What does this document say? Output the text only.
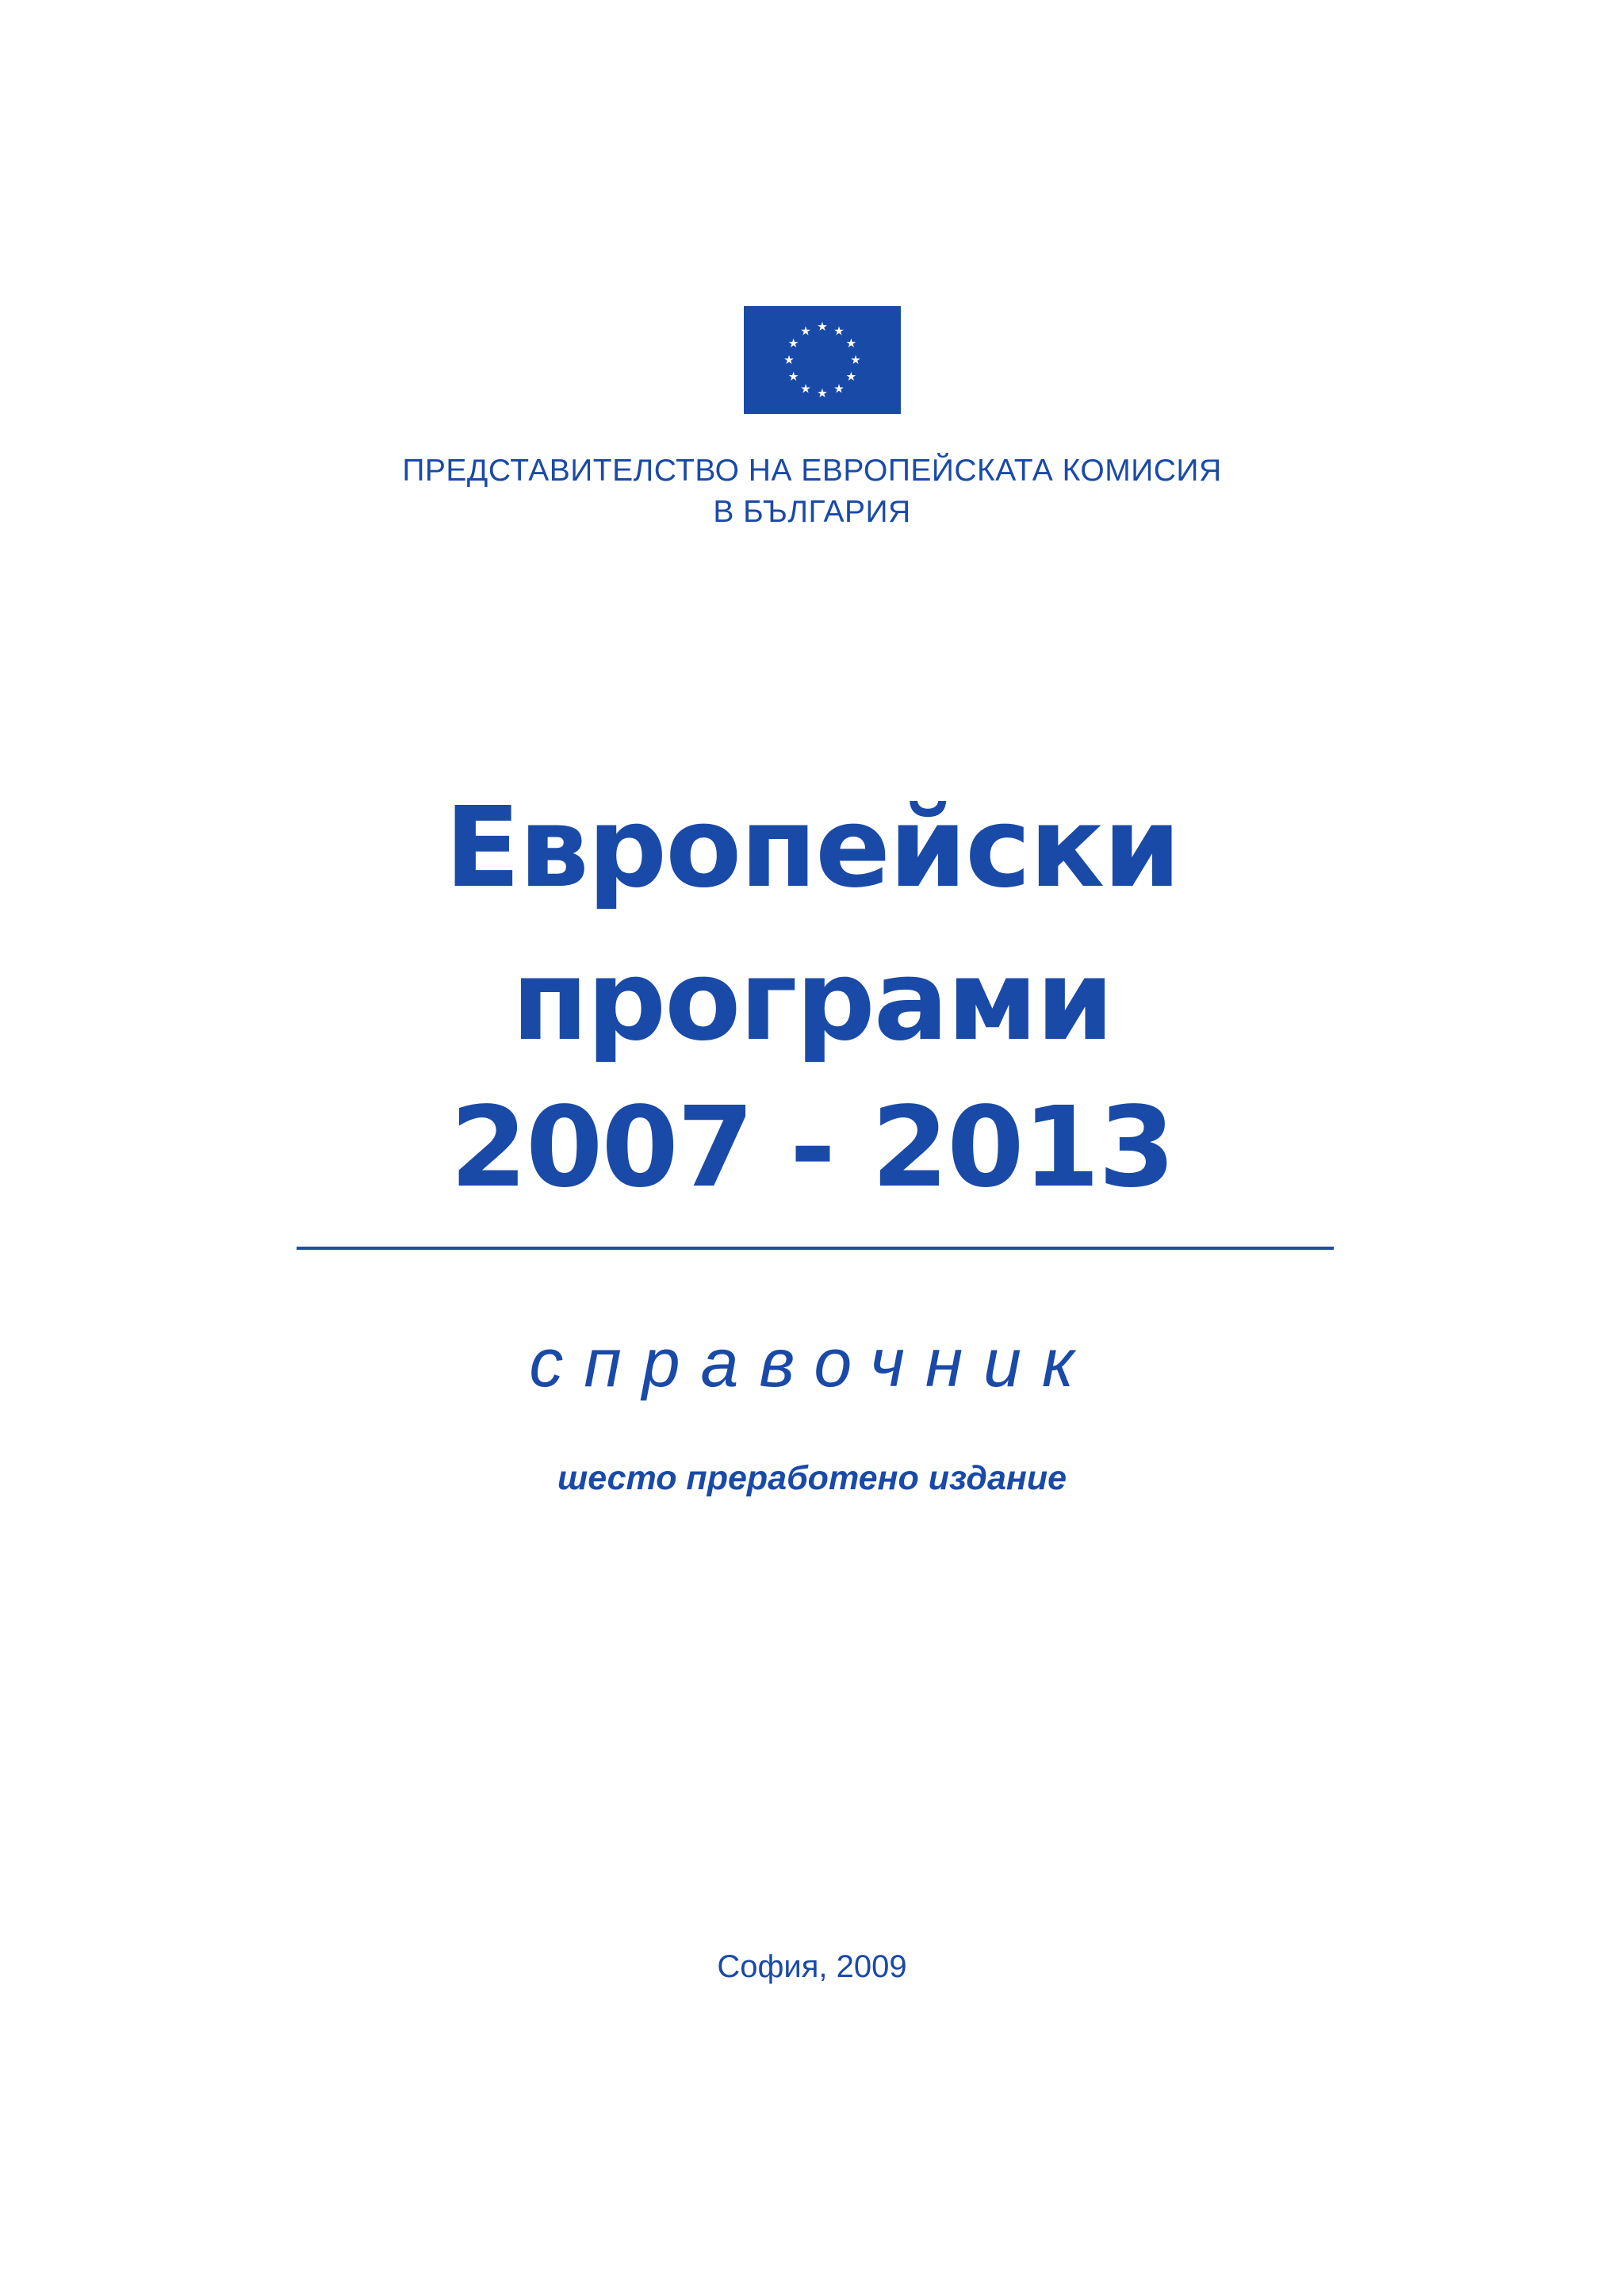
ПРЕДСТАВИТЕЛСТВО НА ЕВРОПЕЙСКАТА КОМИСИЯ
В БЪЛГАРИЯ
Европейски
програми
2007 - 2013
справочник
шесто преработено издание
София, 2009
